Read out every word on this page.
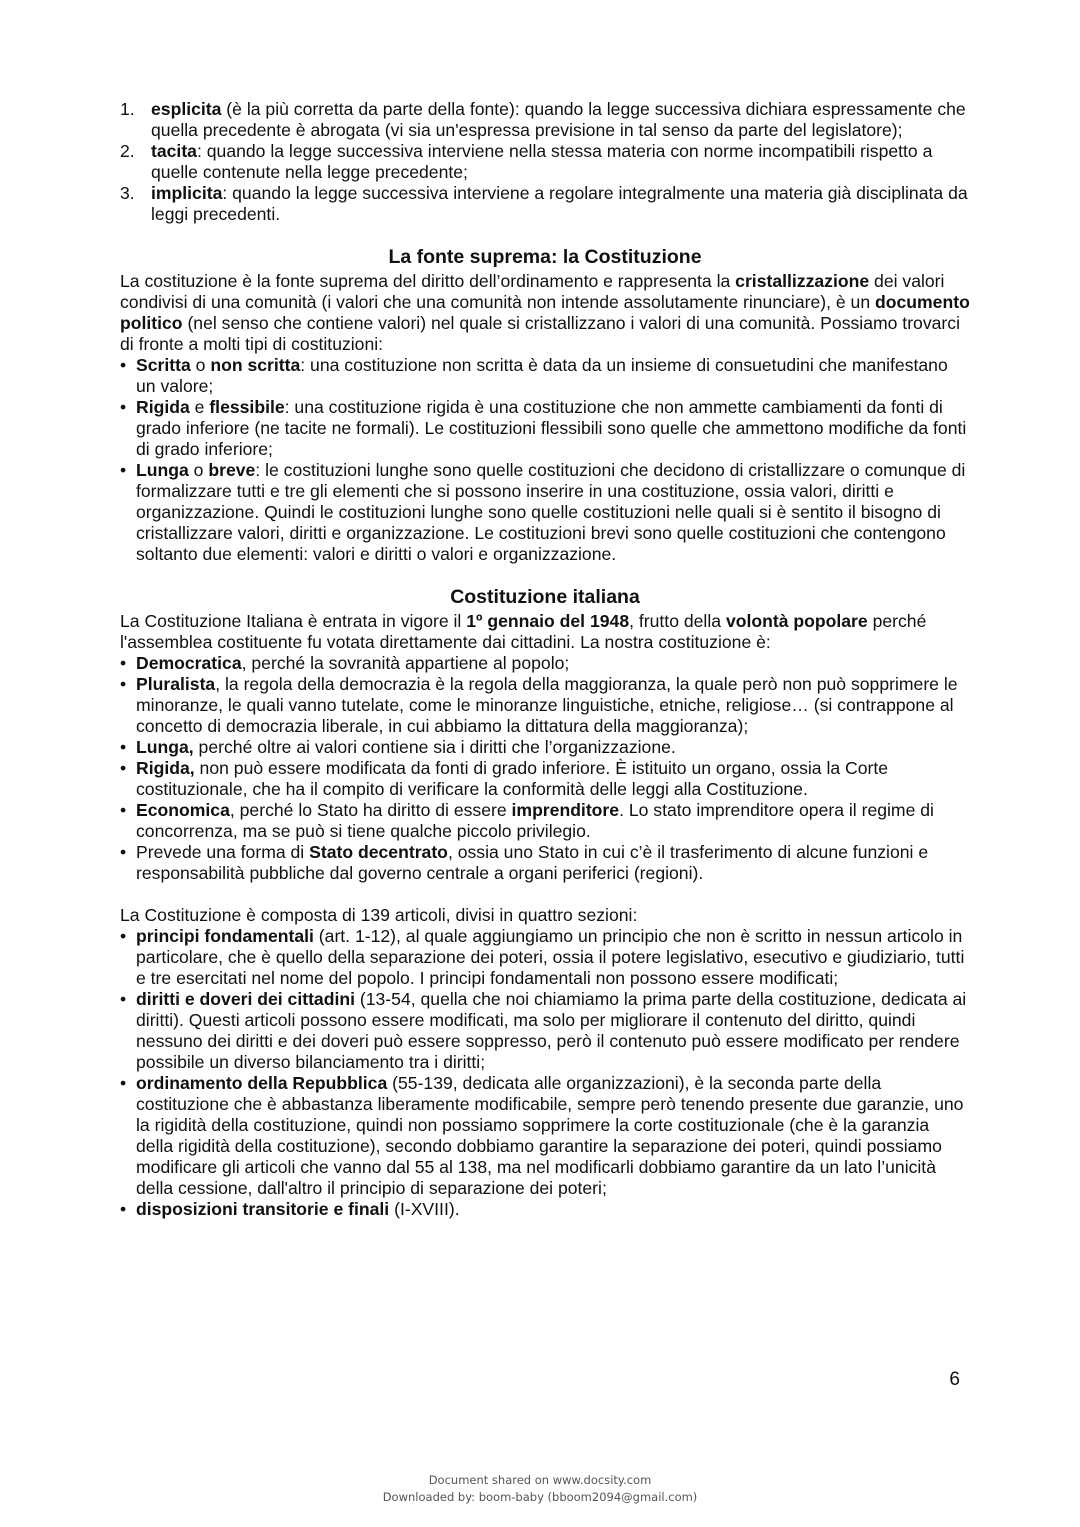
1. esplicita (è la più corretta da parte della fonte): quando la legge successiva dichiara espressamente che quella precedente è abrogata (vi sia un'espressa previsione in tal senso da parte del legislatore);
2. tacita: quando la legge successiva interviene nella stessa materia con norme incompatibili rispetto a quelle contenute nella legge precedente;
3. implicita: quando la legge successiva interviene a regolare integralmente una materia già disciplinata da leggi precedenti.
La fonte suprema: la Costituzione

La costituzione è la fonte suprema del diritto dell’ordinamento e rappresenta la cristallizzazione dei valori condivisi di una comunità (i valori che una comunità non intende assolutamente rinunciare), è un documento politico (nel senso che contiene valori) nel quale si cristallizzano i valori di una comunità. Possiamo trovarci di fronte a molti tipi di costituzioni:

• Scritta o non scritta: una costituzione non scritta è data da un insieme di consuetudini che manifestano un valore;
• Rigida e flessibile: una costituzione rigida è una costituzione che non ammette cambiamenti da fonti di grado inferiore (ne tacite ne formali). Le costituzioni flessibili sono quelle che ammettono modifiche da fonti di grado inferiore;
• Lunga o breve: le costituzioni lunghe sono quelle costituzioni che decidono di cristallizzare o comunque di formalizzare tutti e tre gli elementi che si possono inserire in una costituzione, ossia valori, diritti e organizzazione. Quindi le costituzioni lunghe sono quelle costituzioni nelle quali si è sentito il bisogno di cristallizzare valori, diritti e organizzazione. Le costituzioni brevi sono quelle costituzioni che contengono soltanto due elementi: valori e diritti o valori e organizzazione.
Costituzione italiana

La Costituzione Italiana è entrata in vigore il 1º gennaio del 1948, frutto della volontà popolare perché l'assemblea costituente fu votata direttamente dai cittadini. La nostra costituzione è:

• Democratica, perché la sovranità appartiene al popolo;
• Pluralista, la regola della democrazia è la regola della maggioranza, la quale però non può sopprimere le minoranze, le quali vanno tutelate, come le minoranze linguistiche, etniche, religiose… (si contrappone al concetto di democrazia liberale, in cui abbiamo la dittatura della maggioranza);
• Lunga, perché oltre ai valori contiene sia i diritti che l’organizzazione.
• Rigida, non può essere modificata da fonti di grado inferiore. È istituito un organo, ossia la Corte costituzionale, che ha il compito di verificare la conformità delle leggi alla Costituzione.
• Economica, perché lo Stato ha diritto di essere imprenditore. Lo stato imprenditore opera il regime di concorrenza, ma se può si tiene qualche piccolo privilegio.
• Prevede una forma di Stato decentrato, ossia uno Stato in cui c’è il trasferimento di alcune funzioni e responsabilità pubbliche dal governo centrale a organi periferici (regioni).

La Costituzione è composta di 139 articoli, divisi in quattro sezioni:

• principi fondamentali (art. 1-12), al quale aggiungiamo un principio che non è scritto in nessun articolo in particolare, che è quello della separazione dei poteri, ossia il potere legislativo, esecutivo e giudiziario, tutti e tre esercitati nel nome del popolo. I principi fondamentali non possono essere modificati;
• diritti e doveri dei cittadini (13-54, quella che noi chiamiamo la prima parte della costituzione, dedicata ai diritti). Questi articoli possono essere modificati, ma solo per migliorare il contenuto del diritto, quindi nessuno dei diritti e dei doveri può essere soppresso, però il contenuto può essere modificato per rendere possibile un diverso bilanciamento tra i diritti;
• ordinamento della Repubblica (55-139, dedicata alle organizzazioni), è la seconda parte della costituzione che è abbastanza liberamente modificabile, sempre però tenendo presente due garanzie, uno la rigidità della costituzione, quindi non possiamo sopprimere la corte costituzionale (che è la garanzia della rigidità della costituzione), secondo dobbiamo garantire la separazione dei poteri, quindi possiamo modificare gli articoli che vanno dal 55 al 138, ma nel modificarli dobbiamo garantire da un lato l’unicità della cessione, dall'altro il principio di separazione dei poteri;
• disposizioni transitorie e finali (I-XVIII).
6
Document shared on www.docsity.com
Downloaded by: boom-baby (bboom2094@gmail.com)
